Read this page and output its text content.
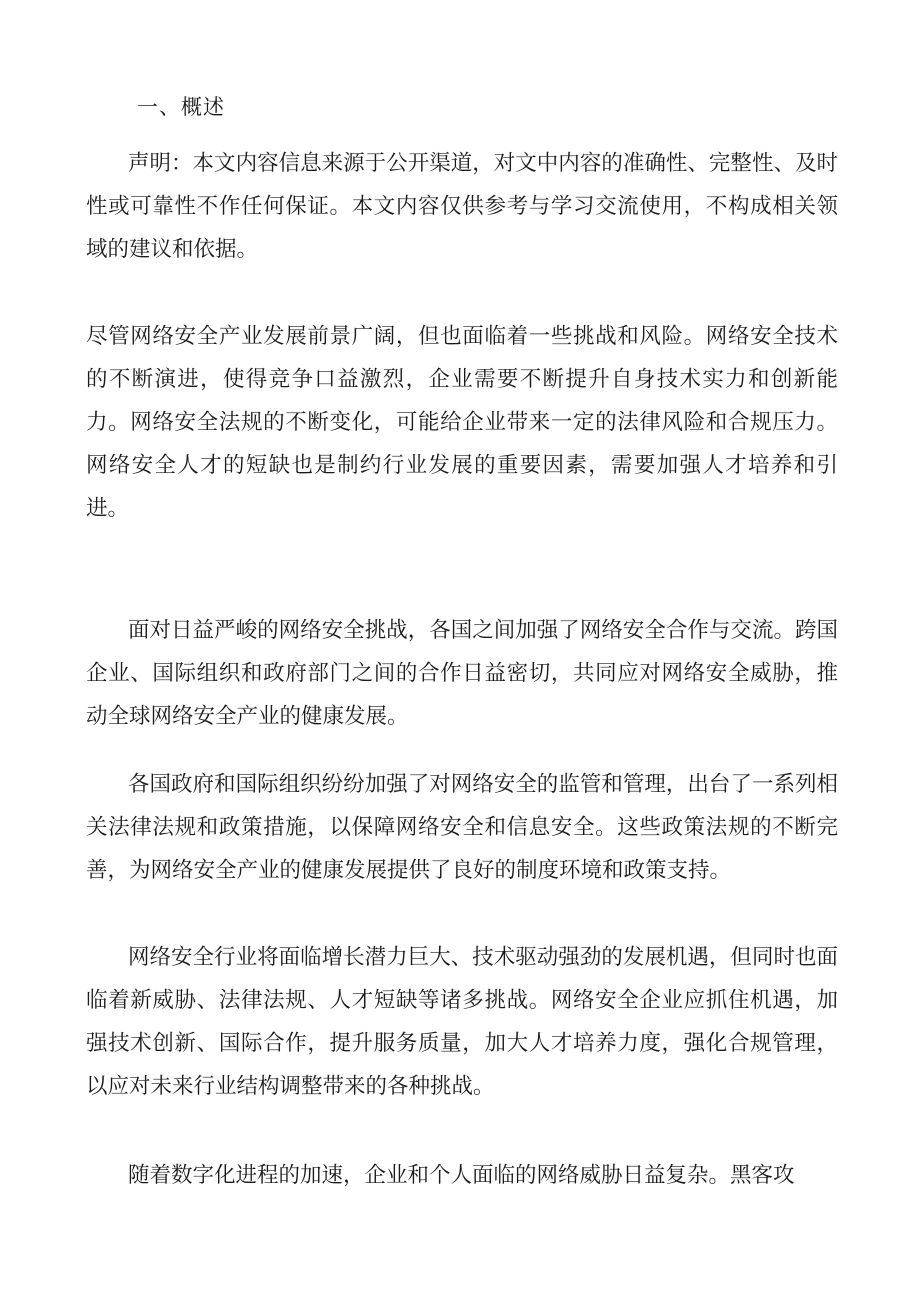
一、概述

声明：本文内容信息来源于公开渠道，对文中内容的准确性、完整性、及时性或可靠性不作任何保证。本文内容仅供参考与学习交流使用，不构成相关领域的建议和依据。

尽管网络安全产业发展前景广阔，但也面临着一些挑战和风险。网络安全技术的不断演进，使得竞争口益激烈，企业需要不断提升自身技术实力和创新能力。网络安全法规的不断变化，可能给企业带来一定的法律风险和合规压力。网络安全人才的短缺也是制约行业发展的重要因素，需要加强人才培养和引进。

面对日益严峻的网络安全挑战，各国之间加强了网络安全合作与交流。跨国企业、国际组织和政府部门之间的合作日益密切，共同应对网络安全威胁，推动全球网络安全产业的健康发展。

各国政府和国际组织纷纷加强了对网络安全的监管和管理，出台了一系列相关法律法规和政策措施，以保障网络安全和信息安全。这些政策法规的不断完善，为网络安全产业的健康发展提供了良好的制度环境和政策支持。

网络安全行业将面临增长潜力巨大、技术驱动强劲的发展机遇，但同时也面临着新威胁、法律法规、人才短缺等诸多挑战。网络安全企业应抓住机遇，加强技术创新、国际合作，提升服务质量，加大人才培养力度，强化合规管理，以应对未来行业结构调整带来的各种挑战。

随着数字化进程的加速，企业和个人面临的网络威胁日益复杂。黑客攻
